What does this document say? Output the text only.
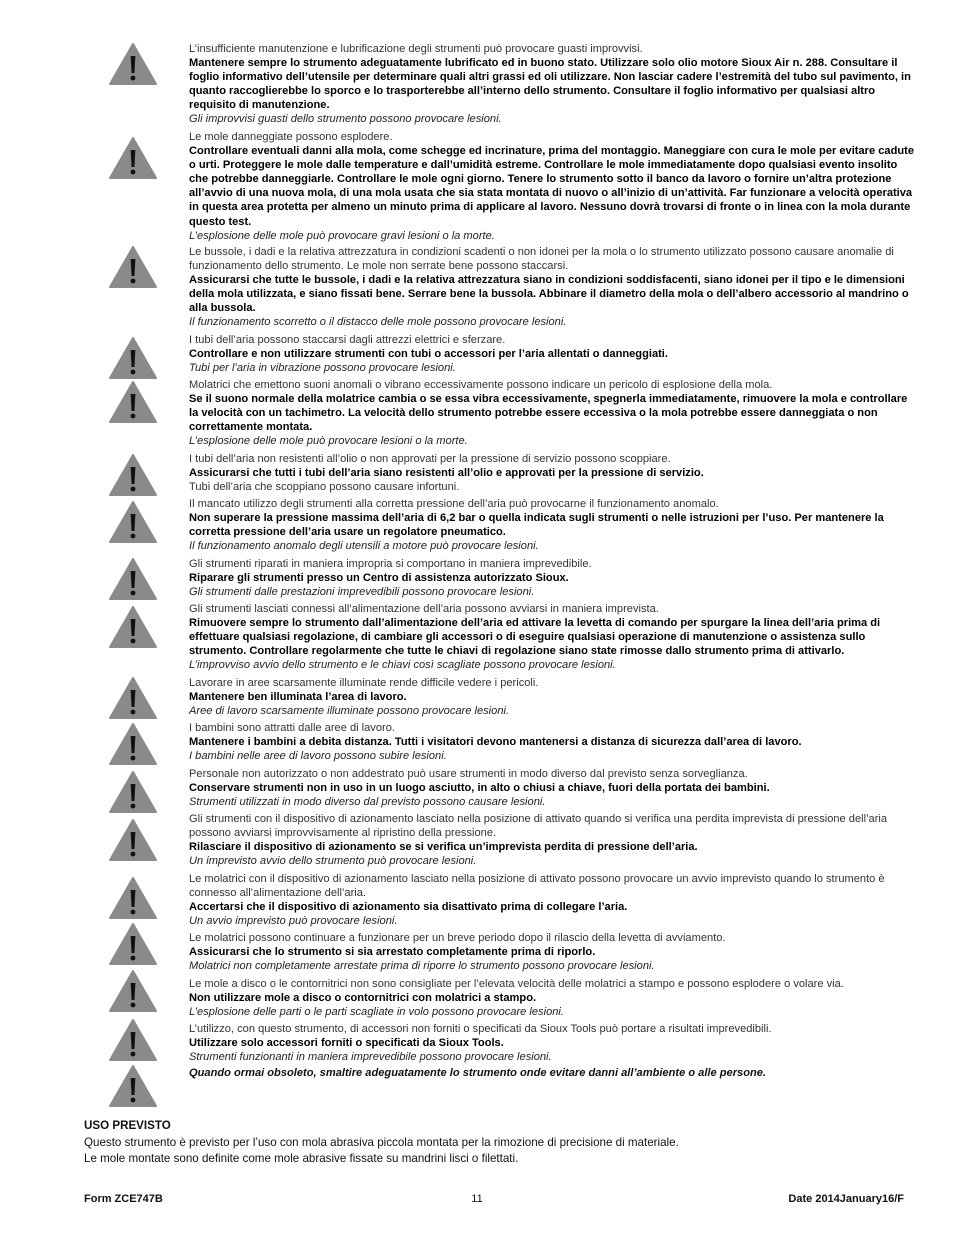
L’insufficiente manutenzione e lubrificazione degli strumenti può provocare guasti improvvisi.

Mantenere sempre lo strumento adeguatamente lubrificato ed in buono stato. Utilizzare solo olio motore Sioux Air n. 288. Consultare il foglio informativo dell’utensile per determinare quali altri grassi ed oli utilizzare. Non lasciar cadere l’estremità del tubo sul pavimento, in quanto raccoglierebbe lo sporco e lo trasporterebbe all’interno dello strumento. Consultare il foglio informativo per qualsiasi altro requisito di manutenzione.

Gli improvvisi guasti dello strumento possono provocare lesioni.

Le mole danneggiate possono esplodere.

Controllare eventuali danni alla mola, come schegge ed incrinature, prima del montaggio. Maneggiare con cura le mole per evitare cadute o urti. Proteggere le mole dalle temperature e dall’umidità estreme. Controllare le mole immediatamente dopo qualsiasi evento insolito che potrebbe danneggiarle. Controllare le mole ogni giorno. Tenere lo strumento sotto il banco da lavoro o fornire un’altra protezione all’avvio di una nuova mola, di una mola usata che sia stata montata di nuovo o all’inizio di un’attività. Far funzionare a velocità operativa in questa area protetta per almeno un minuto prima di applicare al lavoro. Nessuno dovrà trovarsi di fronte o in linea con la mola durante questo test.

L’esplosione delle mole può provocare gravi lesioni o la morte.

Le bussole, i dadi e la relativa attrezzatura in condizioni scadenti o non idonei per la mola o lo strumento utilizzato possono causare anomalie di funzionamento dello strumento. Le mole non serrate bene possono staccarsi.

Assicurarsi che tutte le bussole, i dadi e la relativa attrezzatura siano in condizioni soddisfacenti, siano idonei per il tipo e le dimensioni della mola utilizzata, e siano fissati bene. Serrare bene la bussola. Abbinare il diametro della mola o dell’albero accessorio al mandrino o alla bussola.

Il funzionamento scorretto o il distacco delle mole possono provocare lesioni.

I tubi dell’aria possono staccarsi dagli attrezzi elettrici e sferzare.

Controllare e non utilizzare strumenti con tubi o accessori per l’aria allentati o danneggiati.

Tubi per l’aria in vibrazione possono provocare lesioni.

Molatrici che emettono suoni anomali o vibrano eccessivamente possono indicare un pericolo di esplosione della mola.

Se il suono normale della molatrice cambia o se essa vibra eccessivamente, spegnerla immediatamente, rimuovere la mola e controllare la velocità con un tachimetro. La velocità dello strumento potrebbe essere eccessiva o la mola potrebbe essere danneggiata o non correttamente montata.

L’esplosione delle mole può provocare lesioni o la morte.

I tubi dell’aria non resistenti all’olio o non approvati per la pressione di servizio possono scoppiare.

Assicurarsi che tutti i tubi dell’aria siano resistenti all’olio e approvati per la pressione di servizio.

Tubi dell’aria che scoppiano possono causare infortuni.

Il mancato utilizzo degli strumenti alla corretta pressione dell’aria può provocarne il funzionamento anomalo.

Non superare la pressione massima dell’aria di 6,2 bar o quella indicata sugli strumenti o nelle istruzioni per l’uso. Per mantenere la corretta pressione dell’aria usare un regolatore pneumatico.

Il funzionamento anomalo degli utensili a motore può provocare lesioni.

Gli strumenti riparati in maniera impropria si comportano in maniera imprevedibile.

Riparare gli strumenti presso un Centro di assistenza autorizzato Sioux.

Gli strumenti dalle prestazioni imprevedibili possono provocare lesioni.

Gli strumenti lasciati connessi all’alimentazione dell’aria possono avviarsi in maniera imprevista.

Rimuovere sempre lo strumento dall’alimentazione dell’aria ed attivare la levetta di comando per spurgare la linea dell’aria prima di effettuare qualsiasi regolazione, di cambiare gli accessori o di eseguire qualsiasi operazione di manutenzione o assistenza sullo strumento. Controllare regolarmente che tutte le chiavi di regolazione siano state rimosse dallo strumento prima di attivarlo.

L’improvviso avvio dello strumento e le chiavi così scagliate possono provocare lesioni.

Lavorare in aree scarsamente illuminate rende difficile vedere i pericoli.

Mantenere ben illuminata l’area di lavoro.

Aree di lavoro scarsamente illuminate possono provocare lesioni.

I bambini sono attratti dalle aree di lavoro.

Mantenere i bambini a debita distanza. Tutti i visitatori devono mantenersi a distanza di sicurezza dall’area di lavoro.

I bambini nelle aree di lavoro possono subire lesioni.

Personale non autorizzato o non addestrato può usare strumenti in modo diverso dal previsto senza sorveglianza.

Conservare strumenti non in uso in un luogo asciutto, in alto o chiusi a chiave, fuori della portata dei bambini.

Strumenti utilizzati in modo diverso dal previsto possono causare lesioni.

Gli strumenti con il dispositivo di azionamento lasciato nella posizione di attivato quando si verifica una perdita imprevista di pressione dell’aria possono avviarsi improvvisamente al ripristino della pressione.

Rilasciare il dispositivo di azionamento se si verifica un’imprevista perdita di pressione dell’aria.

Un imprevisto avvio dello strumento può provocare lesioni.

Le molatrici con il dispositivo di azionamento lasciato nella posizione di attivato possono provocare un avvio imprevisto quando lo strumento è connesso all’alimentazione dell’aria.

Accertarsi che il dispositivo di azionamento sia disattivato prima di collegare l’aria.

Un avvio imprevisto può provocare lesioni.

Le molatrici possono continuare a funzionare per un breve periodo dopo il rilascio della levetta di avviamento.

Assicurarsi che lo strumento si sia arrestato completamente prima di riporlo.

Molatrici non completamente arrestate prima di riporre lo strumento possono provocare lesioni.

Le mole a disco o le contornitrici non sono consigliate per l’elevata velocità delle molatrici a stampo e possono esplodere o volare via.

Non utilizzare mole a disco o contornitrici con molatrici a stampo.

L’esplosione delle parti o le parti scagliate in volo possono provocare lesioni.

L’utilizzo, con questo strumento, di accessori non forniti o specificati da Sioux Tools può portare a risultati imprevedibili.

Utilizzare solo accessori forniti o specificati da Sioux Tools.

Strumenti funzionanti in maniera imprevedibile possono provocare lesioni.

Quando ormai obsoleto, smaltire adeguatamente lo strumento onde evitare danni all’ambiente o alle persone.
USO PREVISTO

Questo strumento è previsto per l’uso con mola abrasiva piccola montata per la rimozione di precisione di materiale.

Le mole montate sono definite come mole abrasive fissate su mandrini lisci o filettati.

Form ZCE747B	11	Date 2014January16/F
